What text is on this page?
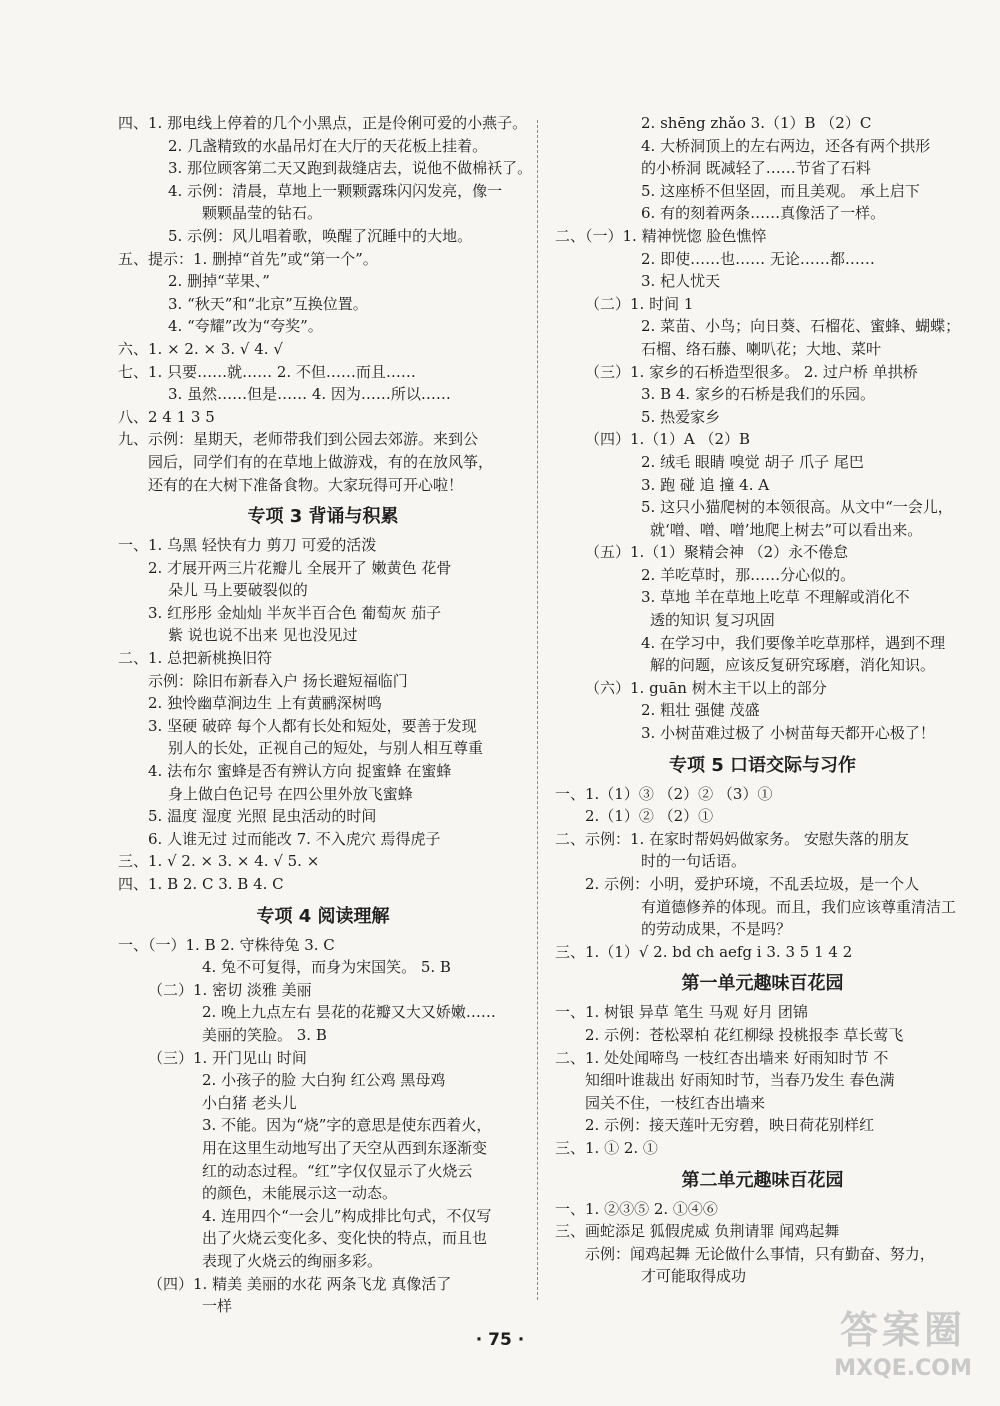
四、1. 那电线上停着的几个小黑点，正是伶俐可爱的小燕子。
2. 几盏精致的水晶吊灯在大厅的天花板上挂着。
3. 那位顾客第二天又跑到裁缝店去，说他不做棉袄了。
4. 示例：清晨，草地上一颗颗露珠闪闪发亮，像一
颗颗晶莹的钻石。
5. 示例：风儿唱着歌，唤醒了沉睡中的大地。
五、提示：1. 删掉“首先”或“第一个”。
2. 删掉“苹果、”
3. “秋天”和“北京”互换位置。
4. “夸耀”改为“夸奖”。
六、1. × 2. × 3. √ 4. √
七、1. 只要……就…… 2. 不但……而且……
3. 虽然……但是…… 4. 因为……所以……
八、2 4 1 3 5
九、示例：星期天，老师带我们到公园去郊游。来到公
园后，同学们有的在草地上做游戏，有的在放风筝，
还有的在大树下准备食物。大家玩得可开心啦！
专项 3 背诵与积累
一、1. 乌黑 轻快有力 剪刀 可爱的活泼
2. 才展开两三片花瓣儿 全展开了 嫩黄色 花骨
朵儿 马上要破裂似的
3. 红彤彤 金灿灿 半灰半百合色 葡萄灰 茄子
紫 说也说不出来 见也没见过
二、1. 总把新桃换旧符
示例：除旧布新春入户 扬长避短福临门
2. 独怜幽草涧边生 上有黄鹂深树鸣
3. 坚硬 破碎 每个人都有长处和短处，要善于发现
别人的长处，正视自己的短处，与别人相互尊重
4. 法布尔 蜜蜂是否有辨认方向 捉蜜蜂 在蜜蜂
身上做白色记号 在四公里外放飞蜜蜂
5. 温度 湿度 光照 昆虫活动的时间
6. 人谁无过 过而能改 7. 不入虎穴 焉得虎子
三、1. √ 2. × 3. × 4. √ 5. ×
四、1. B 2. C 3. B 4. C
专项 4 阅读理解
一、（一）1. B 2. 守株待兔 3. C
4. 兔不可复得，而身为宋国笑。 5. B
（二）1. 密切 淡雅 美丽
2. 晚上九点左右 昙花的花瓣又大又娇嫩……
美丽的笑脸。 3. B
（三）1. 开门见山 时间
2. 小孩子的脸 大白狗 红公鸡 黑母鸡
小白猪 老头儿
3. 不能。因为“烧”字的意思是使东西着火，
用在这里生动地写出了天空从西到东逐渐变
红的动态过程。“红”字仅仅显示了火烧云
的颜色，未能展示这一动态。
4. 连用四个“一会儿”构成排比句式，不仅写
出了火烧云变化多、变化快的特点，而且也
表现了火烧云的绚丽多彩。
（四）1. 精美 美丽的水花 两条飞龙 真像活了
一样
2. shēng zhǎo 3.（1）B （2）C
4. 大桥洞顶上的左右两边，还各有两个拱形
的小桥洞 既减轻了……节省了石料
5. 这座桥不但坚固，而且美观。 承上启下
6. 有的刻着两条……真像活了一样。
二、（一）1. 精神恍惚 脸色憔悴
2. 即使……也…… 无论……都……
3. 杞人忧天
（二）1. 时间 1
2. 菜苗、小鸟；向日葵、石榴花、蜜蜂、蝴蝶；
石榴、络石藤、喇叭花；大地、菜叶
（三）1. 家乡的石桥造型很多。 2. 过户桥 单拱桥
3. B 4. 家乡的石桥是我们的乐园。
5. 热爱家乡
（四）1.（1）A （2）B
2. 绒毛 眼睛 嗅觉 胡子 爪子 尾巴
3. 跑 碰 追 撞 4. A
5. 这只小猫爬树的本领很高。从文中“一会儿，
就‘噌、噌、噌’地爬上树去”可以看出来。
（五）1.（1）聚精会神 （2）永不倦怠
2. 羊吃草时，那……分心似的。
3. 草地 羊在草地上吃草 不理解或消化不
透的知识 复习巩固
4. 在学习中，我们要像羊吃草那样，遇到不理
解的问题，应该反复研究琢磨，消化知识。
（六）1. guān 树木主干以上的部分
2. 粗壮 强健 茂盛
3. 小树苗难过极了 小树苗每天都开心极了！
专项 5 口语交际与习作
一、1.（1）③ （2）② （3）①
2.（1）② （2）①
二、示例：1. 在家时帮妈妈做家务。 安慰失落的朋友
时的一句话语。
2. 示例：小明，爱护环境，不乱丢垃圾，是一个人
有道德修养的体现。而且，我们应该尊重清洁工
的劳动成果，不是吗？
三、1.（1）√ 2. bd ch aefg i 3. 3 5 1 4 2
第一单元趣味百花园
一、1. 树银 异草 笔生 马观 好月 团锦
2. 示例：苍松翠柏 花红柳绿 投桃报李 草长莺飞
二、1. 处处闻啼鸟 一枝红杏出墙来 好雨知时节 不
知细叶谁裁出 好雨知时节，当春乃发生 春色满
园关不住，一枝红杏出墙来
2. 示例：接天莲叶无穷碧，映日荷花别样红
三、1. ① 2. ①
第二单元趣味百花园
一、1. ②③⑤ 2. ①④⑥
三、画蛇添足 狐假虎威 负荆请罪 闻鸡起舞
示例：闻鸡起舞 无论做什么事情，只有勤奋、努力，
才可能取得成功
· 75 ·	答案圈
MXQE.COM
